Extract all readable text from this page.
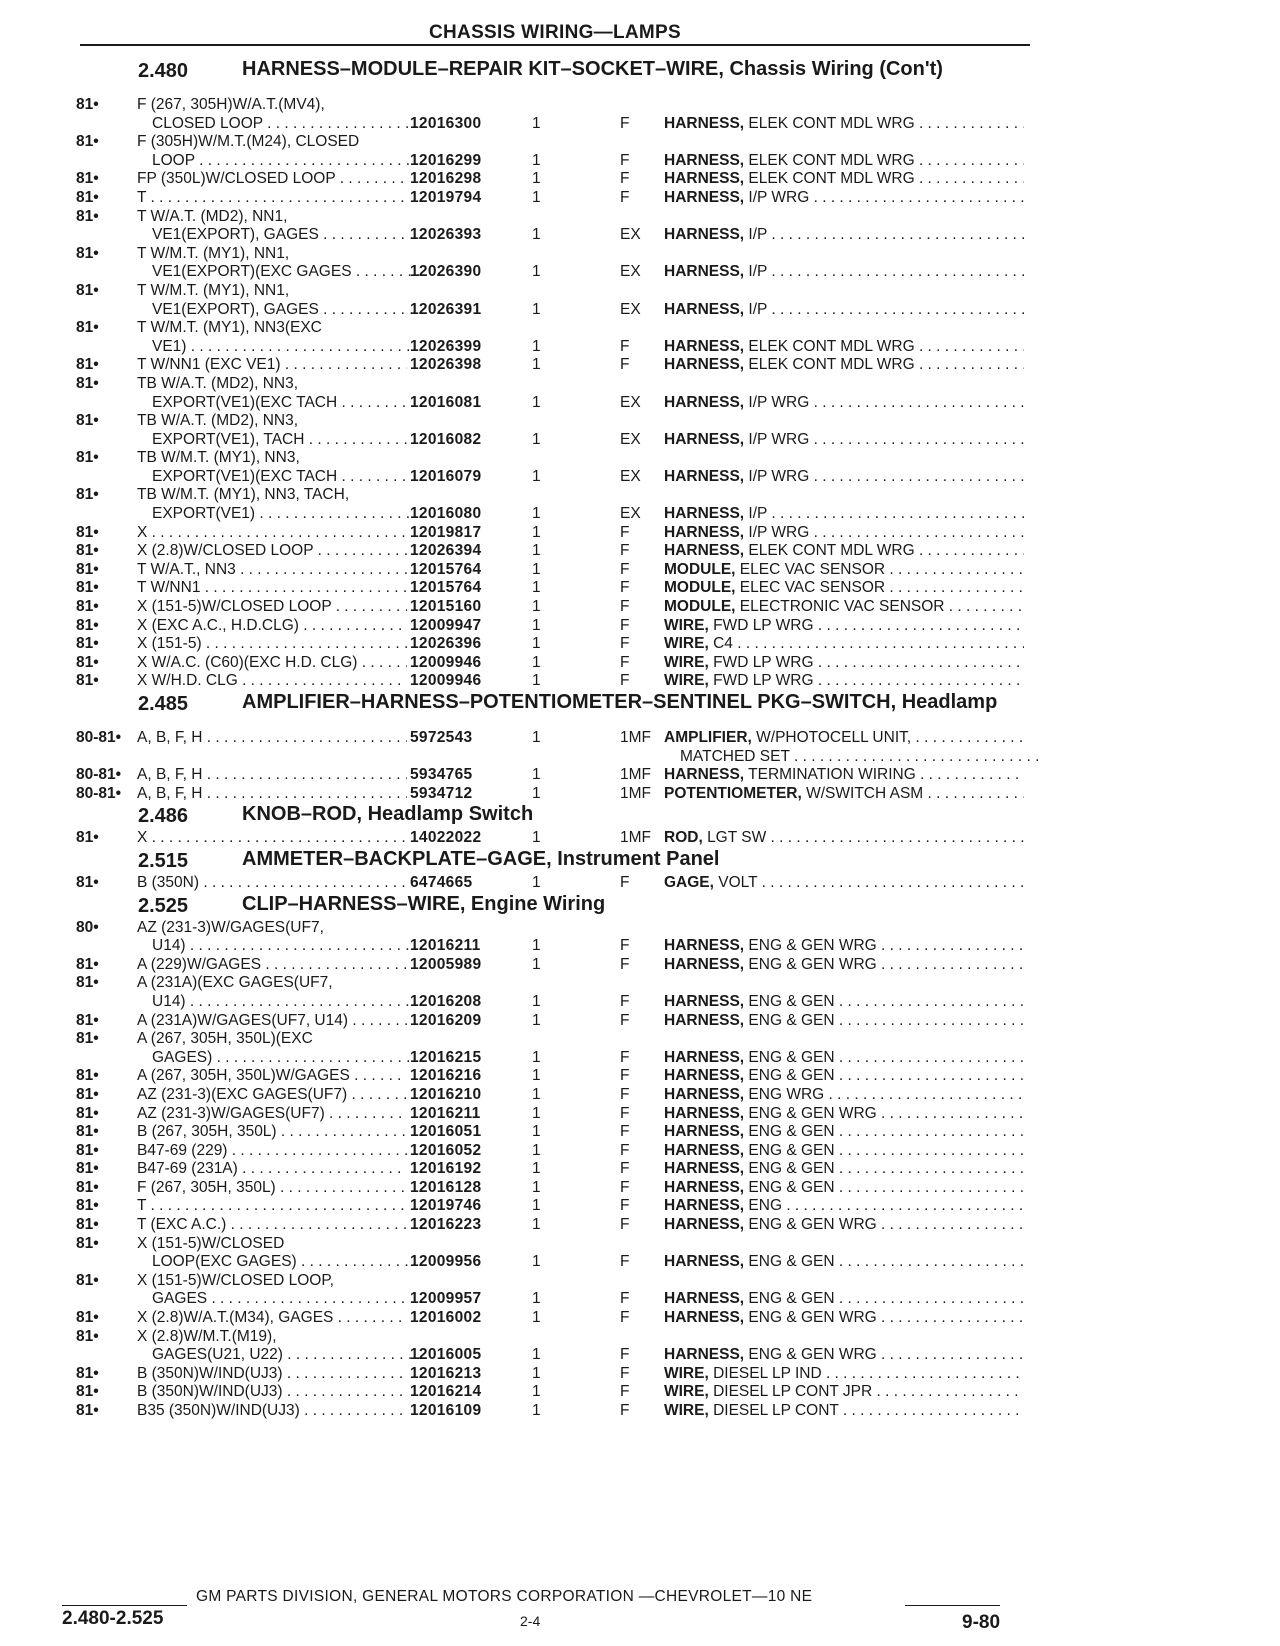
CHASSIS WIRING—LAMPS
2.480	HARNESS–MODULE–REPAIR KIT–SOCKET–WIRE, Chassis Wiring (Con't)
81• F (267, 305H)W/A.T.(MV4),
CLOSED LOOP . . .	12016300	1	F HARNESS, ELEK CONT MDL WRG . . .
81• F (305H)W/M.T.(M24), CLOSED
LOOP . . .	12016299	1	F HARNESS, ELEK CONT MDL WRG . . .
81• FP (350L)W/CLOSED LOOP . . .	12016298	1	F HARNESS, ELEK CONT MDL WRG . . .
81• T . . .	12019794	1	F HARNESS, I/P WRG . . .
81• T W/A.T. (MD2), NN1,
VE1(EXPORT), GAGES . . .	12026393	1	EX HARNESS, I/P . . .
81• T W/M.T. (MY1), NN1,
VE1(EXPORT)(EXC GAGES . . .	12026390	1	EX HARNESS, I/P . . .
81• T W/M.T. (MY1), NN1,
VE1(EXPORT), GAGES . . .	12026391	1	EX HARNESS, I/P . . .
81• T W/M.T. (MY1), NN3(EXC
VE1) . . .	12026399	1	F HARNESS, ELEK CONT MDL WRG . . .
81• T W/NN1 (EXC VE1) . . .	12026398	1	F HARNESS, ELEK CONT MDL WRG . . .
81• TB W/A.T. (MD2), NN3,
EXPORT(VE1)(EXC TACH . . .	12016081	1	EX HARNESS, I/P WRG . . .
81• TB W/A.T. (MD2), NN3,
EXPORT(VE1), TACH . . .	12016082	1	EX HARNESS, I/P WRG . . .
81• TB W/M.T. (MY1), NN3,
EXPORT(VE1)(EXC TACH . . .	12016079	1	EX HARNESS, I/P WRG . . .
81• TB W/M.T. (MY1), NN3, TACH,
EXPORT(VE1) . . .	12016080	1	EX HARNESS, I/P . . .
81• X . . .	12019817	1	F HARNESS, I/P WRG . . .
81• X (2.8)W/CLOSED LOOP . . .	12026394	1	F HARNESS, ELEK CONT MDL WRG . . .
81• T W/A.T., NN3 . . .	12015764	1	F MODULE, ELEC VAC SENSOR . . .
81• T W/NN1 . . .	12015764	1	F MODULE, ELEC VAC SENSOR . . .
81• X (151-5)W/CLOSED LOOP . . .	12015160	1	F MODULE, ELECTRONIC VAC SENSOR . . .
81• X (EXC A.C., H.D.CLG) . . .	12009947	1	F WIRE, FWD LP WRG . . .
81• X (151-5) . . .	12026396	1	F WIRE, C4 . . .
81• X W/A.C. (C60)(EXC H.D. CLG) . . .	12009946	1	F WIRE, FWD LP WRG . . .
81• X W/H.D. CLG . . .	12009946	1	F WIRE, FWD LP WRG . . .
2.485	AMPLIFIER–HARNESS–POTENTIOMETER–SENTINEL PKG–SWITCH, Headlamp
80-81• A, B, F, H . . .	5972543	1	1MF AMPLIFIER, W/PHOTOCELL UNIT, . . .
MATCHED SET . . .
80-81• A, B, F, H . . .	5934765	1	1MF HARNESS, TERMINATION WIRING . . .
80-81• A, B, F, H . . .	5934712	1	1MF POTENTIOMETER, W/SWITCH ASM . . .
2.486	KNOB–ROD, Headlamp Switch
81• X . . .	14022022	1	1MF ROD, LGT SW . . .
2.515	AMMETER–BACKPLATE–GAGE, Instrument Panel
81• B (350N) . . .	6474665	1	F GAGE, VOLT . . .
2.525	CLIP–HARNESS–WIRE, Engine Wiring
80• AZ (231-3)W/GAGES(UF7,
U14) . . .	12016211	1	F HARNESS, ENG & GEN WRG . . .
81• A (229)W/GAGES . . .	12005989	1	F HARNESS, ENG & GEN WRG . . .
81• A (231A)(EXC GAGES(UF7,
U14) . . .	12016208	1	F HARNESS, ENG & GEN . . .
81• A (231A)W/GAGES(UF7, U14) . . .	12016209	1	F HARNESS, ENG & GEN . . .
81• A (267, 305H, 350L)(EXC
GAGES) . . .	12016215	1	F HARNESS, ENG & GEN . . .
81• A (267, 305H, 350L)W/GAGES . . .	12016216	1	F HARNESS, ENG & GEN . . .
81• AZ (231-3)(EXC GAGES(UF7) . . .	12016210	1	F HARNESS, ENG WRG . . .
81• AZ (231-3)W/GAGES(UF7) . . .	12016211	1	F HARNESS, ENG & GEN WRG . . .
81• B (267, 305H, 350L) . . .	12016051	1	F HARNESS, ENG & GEN . . .
81• B47-69 (229) . . .	12016052	1	F HARNESS, ENG & GEN . . .
81• B47-69 (231A) . . .	12016192	1	F HARNESS, ENG & GEN . . .
81• F (267, 305H, 350L) . . .	12016128	1	F HARNESS, ENG & GEN . . .
81• T . . .	12019746	1	F HARNESS, ENG . . .
81• T (EXC A.C.) . . .	12016223	1	F HARNESS, ENG & GEN WRG . . .
81• X (151-5)W/CLOSED
LOOP(EXC GAGES) . . .	12009956	1	F HARNESS, ENG & GEN . . .
81• X (151-5)W/CLOSED LOOP,
GAGES . . .	12009957	1	F HARNESS, ENG & GEN . . .
81• X (2.8)W/A.T.(M34), GAGES . . .	12016002	1	F HARNESS, ENG & GEN WRG . . .
81• X (2.8)W/M.T.(M19),
GAGES(U21, U22) . . .	12016005	1	F HARNESS, ENG & GEN WRG . . .
81• B (350N)W/IND(UJ3) . . .	12016213	1	F WIRE, DIESEL LP IND . . .
81• B (350N)W/IND(UJ3) . . .	12016214	1	F WIRE, DIESEL LP CONT JPR . . .
81• B35 (350N)W/IND(UJ3) . . .	12016109	1	F WIRE, DIESEL LP CONT . . .
GM PARTS DIVISION, GENERAL MOTORS CORPORATION —CHEVROLET—10 NE
2.480-2.525	2-4	9-80
